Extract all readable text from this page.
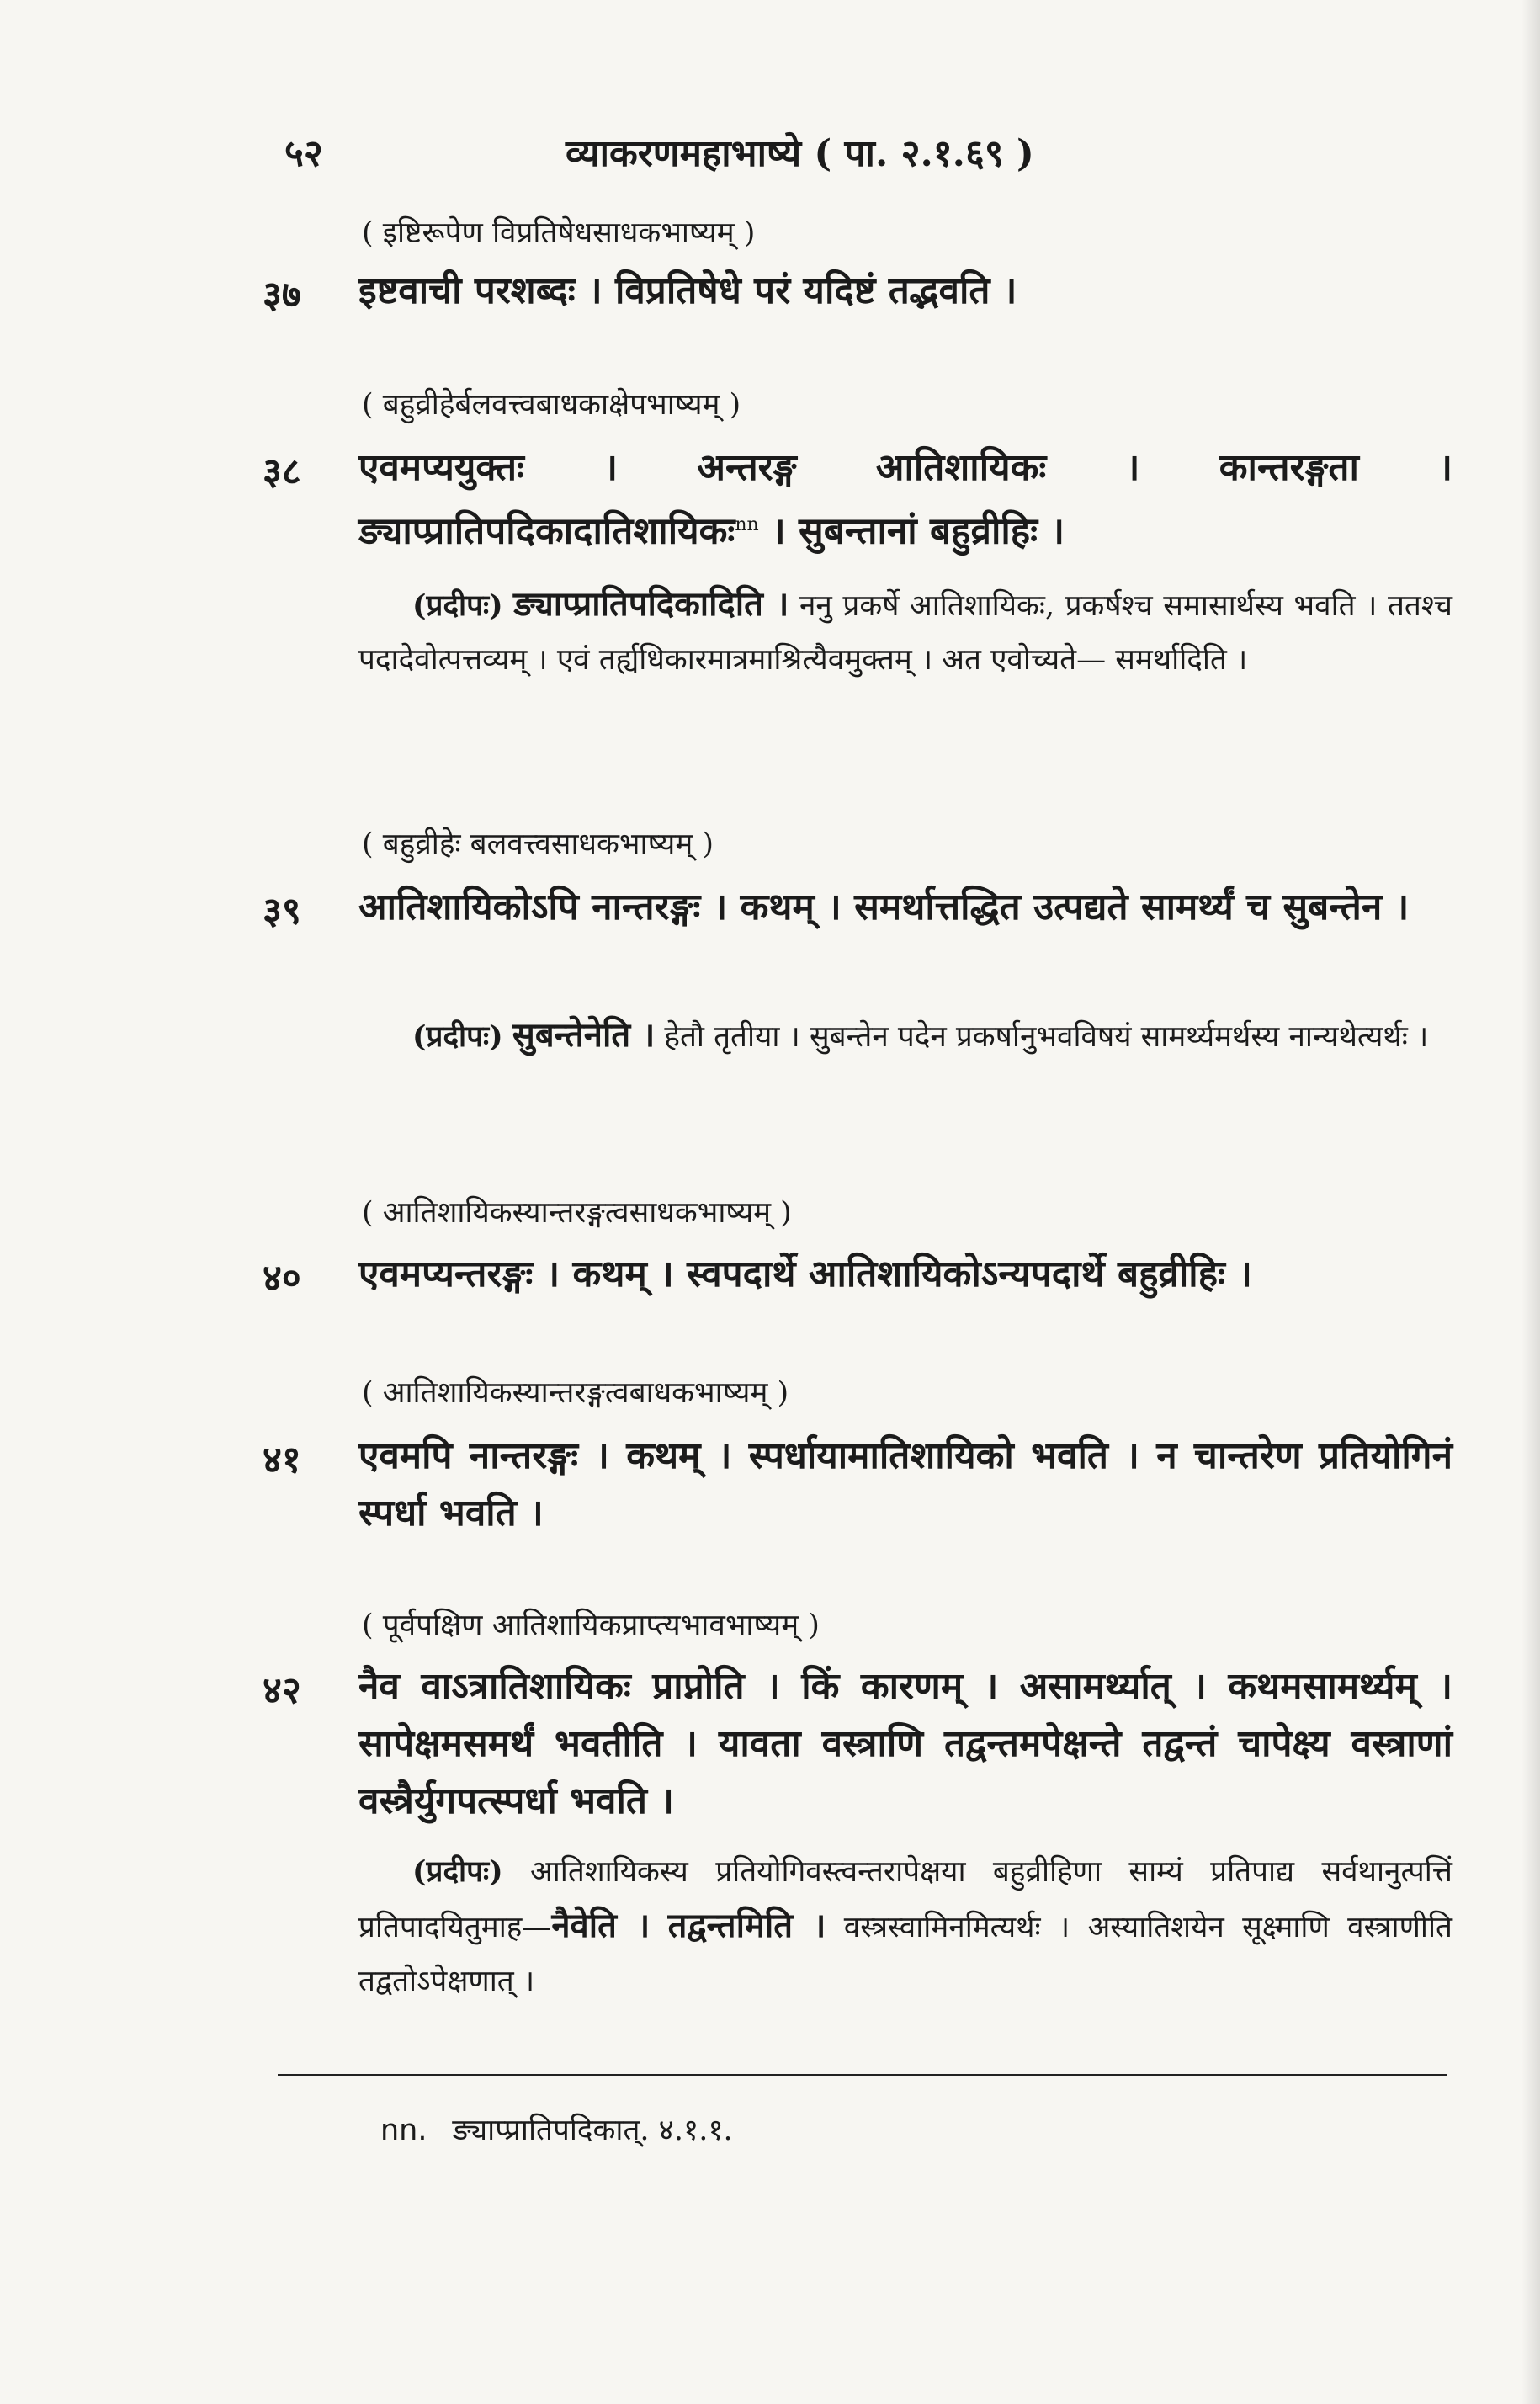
५२	व्याकरणमहाभाष्ये ( पा. २.१.६९ )
( इष्टिरूपेण विप्रतिषेधसाधकभाष्यम् )
३७ इष्टवाची परशब्दः । विप्रतिषेधे परं यदिष्टं तद्भवति ।
( बहुव्रीहेर्बलवत्त्वबाधकाक्षेपभाष्यम् )
३८ एवमप्ययुक्तः । अन्तरङ्ग आतिशायिकः । कान्तरङ्गता । ङ्याप्प्रातिपदिकादातिशायिकः$^{nn}$ । सुबन्तानां बहुव्रीहिः ।
(प्रदीपः) ङ्याप्प्रातिपदिकादिति । ननु प्रकर्षे आतिशायिकः, प्रकर्षश्च समासार्थस्य भवति । ततश्च पदादेवोत्पत्तव्यम् । एवं तर्ह्यधिकारमात्रमाश्रित्यैवमुक्तम् । अत एवोच्यते— समर्थादिति ।
( बहुव्रीहेः बलवत्त्वसाधकभाष्यम् )
३९ आतिशायिकोऽपि नान्तरङ्गः । कथम् । समर्थात्तद्धित उत्पद्यते सामर्थ्यं च सुबन्तेन ।
(प्रदीपः) सुबन्तेनेति । हेतौ तृतीया । सुबन्तेन पदेन प्रकर्षानुभवविषयं सामर्थ्यमर्थस्य नान्यथेत्यर्थः ।
( आतिशायिकस्यान्तरङ्गत्वसाधकभाष्यम् )
४० एवमप्यन्तरङ्गः । कथम् । स्वपदार्थे आतिशायिकोऽन्यपदार्थे बहुव्रीहिः ।
( आतिशायिकस्यान्तरङ्गत्वबाधकभाष्यम् )
४१ एवमपि नान्तरङ्गः । कथम् । स्पर्धायामातिशायिको भवति । न चान्तरेण प्रतियोगिनं स्पर्धा भवति ।
( पूर्वपक्षिण आतिशायिकप्राप्त्यभावभाष्यम् )
४२ नैव वाऽत्रातिशायिकः प्राप्नोति । किं कारणम् । असामर्थ्यात् । कथमसामर्थ्यम् । सापेक्षमसमर्थं भवतीति । यावता वस्त्राणि तद्वन्तमपेक्षन्ते तद्वन्तं चापेक्ष्य वस्त्राणां वस्त्रैर्युगपत्स्पर्धा भवति ।
(प्रदीपः) आतिशायिकस्य प्रतियोगिवस्त्वन्तरापेक्षया बहुव्रीहिणा साम्यं प्रतिपाद्य सर्वथानुत्पत्तिं प्रतिपादयितुमाह—नैवेति । तद्वन्तमिति । वस्त्रस्वामिनमित्यर्थः । अस्यातिशयेन सूक्ष्माणि वस्त्राणीति तद्वतोऽपेक्षणात् ।
nn. ङ्याप्प्रातिपदिकात्. ४.१.१.
